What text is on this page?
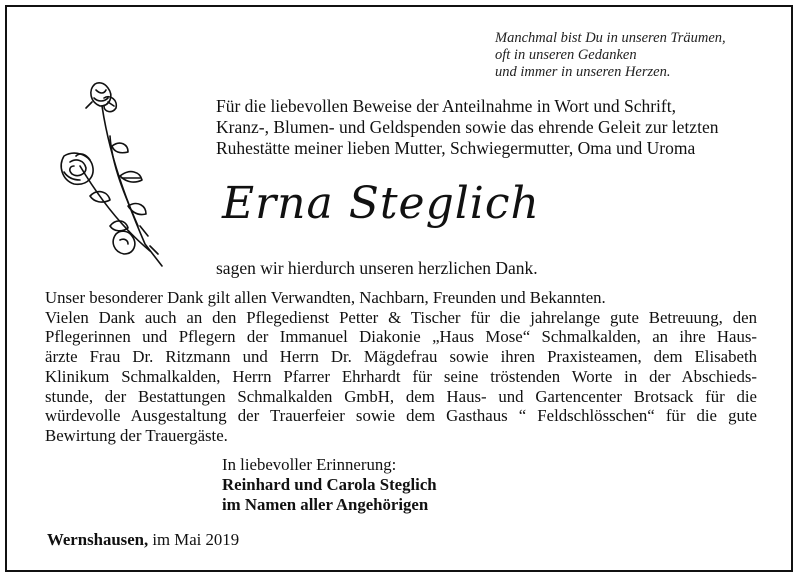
Manchmal bist Du in unseren Träumen,
oft in unseren Gedanken
und immer in unseren Herzen.
Für die liebevollen Beweise der Anteilnahme in Wort und Schrift,
Kranz-, Blumen- und Geldspenden sowie das ehrende Geleit zur letzten
Ruhestätte meiner lieben Mutter, Schwiegermutter, Oma und Uroma
Erna Steglich
sagen wir hierdurch unseren herzlichen Dank.
Unser besonderer Dank gilt allen Verwandten, Nachbarn, Freunden und Bekannten.
Vielen Dank auch an den Pflegedienst Petter & Tischer für die jahrelange gute Betreuung, den
Pflegerinnen und Pflegern der Immanuel Diakonie „Haus Mose“ Schmalkalden, an ihre Haus-
ärzte Frau Dr. Ritzmann und Herrn Dr. Mägdefrau sowie ihren Praxisteamen, dem Elisabeth
Klinikum Schmalkalden, Herrn Pfarrer Ehrhardt für seine tröstenden Worte in der Abschieds-
stunde, der Bestattungen Schmalkalden GmbH, dem Haus- und Gartencenter Brotsack für die
würdevolle Ausgestaltung der Trauerfeier sowie dem Gasthaus “ Feldschlösschen“ für die gute
Bewirtung der Trauergäste.
In liebevoller Erinnerung:
Reinhard und Carola Steglich
im Namen aller Angehörigen
Wernshausen, im Mai 2019
